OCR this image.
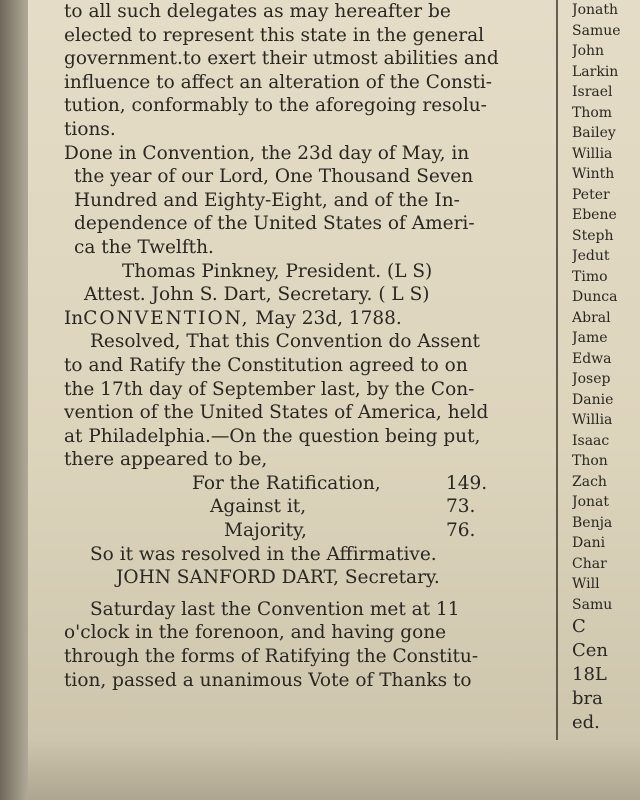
to all such delegates as may hereafter be
elected to represent this state in the general
government.to exert their utmost abilities and
influence to affect an alteration of the Consti-
tution, conformably to the aforegoing resolu-
tions.
Done in Convention, the 23d day of May, in
the year of our Lord, One Thousand Seven
Hundred and Eighty-Eight, and of the In-
dependence of the United States of Ameri-
ca the Twelfth.
Thomas Pinkney, President. (L S)
Attest. John S. Dart, Secretary. ( L S)
InCONVENTION, May 23d, 1788.
Resolved, That this Convention do Assent
to and Ratify the Constitution agreed to on
the 17th day of September last, by the Con-
vention of the United States of America, held
at Philadelphia.—On the question being put,
there appeared to be,
For the Ratification,	149.
Against it,	73.
Majority,	76.
So it was resolved in the Affirmative.
JOHN SANFORD DART, Secretary.
Saturday last the Convention met at 11
o'clock in the forenoon, and having gone
through the forms of Ratifying the Constitu-
tion, passed a unanimous Vote of Thanks to
Jonath
Samue
John
Larkin
Israel
Thom
Bailey
Willia
Winth
Peter
Ebene
Steph
Jedut
Timo
Dunca
Abral
Jame
Edwa
Josep
Danie
Willia
Isaac
Thon
Zach
Jonat
Benja
Dani
Char
Will
Samu
C
Cen
18L
bra
ed.
